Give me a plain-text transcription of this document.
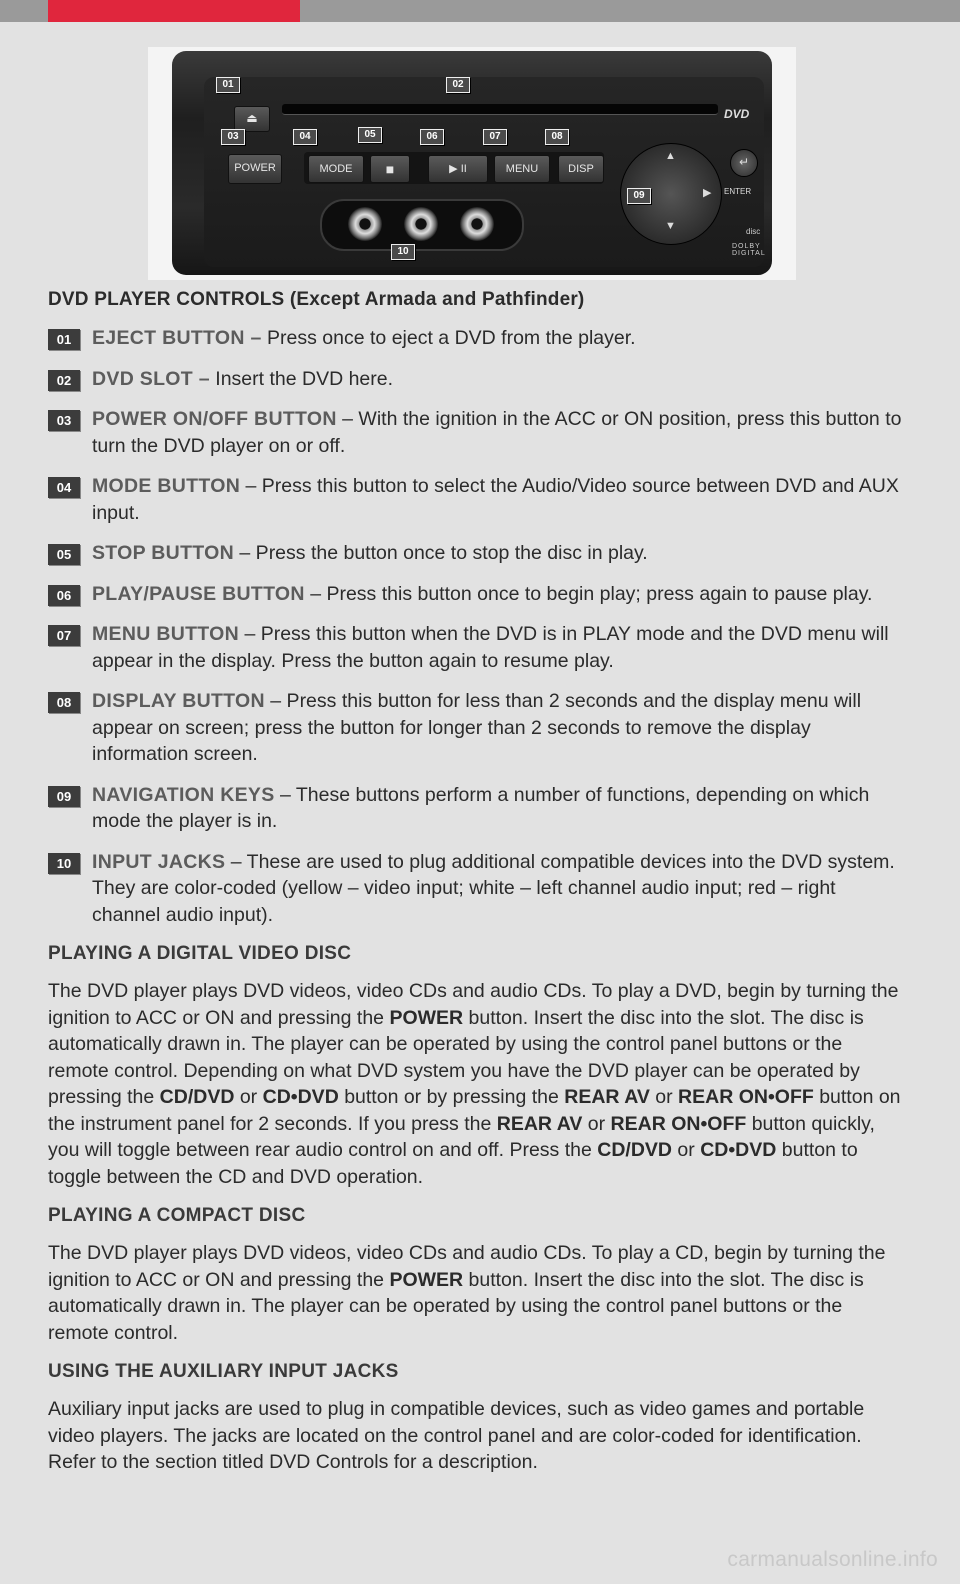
⏏
POWER	MODE	■	▶ II	MENU	DISP
DVD
▲
▼
▶
↵
ENTER
disc
DOLBY DIGITAL
01	02
03	04	05	06	07	08
09
10
DVD PLAYER CONTROLS (Except Armada and Pathfinder)
01	EJECT BUTTON – Press once to eject a DVD from the player.
02	DVD SLOT – Insert the DVD here.
03	POWER ON/OFF BUTTON – With the ignition in the ACC or ON position, press this button to turn the DVD player on or off.
04	MODE BUTTON – Press this button to select the Audio/Video source between DVD and AUX input.
05	STOP BUTTON – Press the button once to stop the disc in play.
06	PLAY/PAUSE BUTTON – Press this button once to begin play; press again to pause play.
07	MENU BUTTON – Press this button when the DVD is in PLAY mode and the DVD menu will appear in the display. Press the button again to resume play.
08	DISPLAY BUTTON – Press this button for less than 2 seconds and the display menu will appear on screen; press the button for longer than 2 seconds to remove the display information screen.
09	NAVIGATION KEYS – These buttons perform a number of functions, depending on which mode the player is in.
10	INPUT JACKS – These are used to plug additional compatible devices into the DVD system. They are color-coded (yellow – video input; white – left channel audio input; red – right channel audio input).
PLAYING A DIGITAL VIDEO DISC

The DVD player plays DVD videos, video CDs and audio CDs. To play a DVD, begin by turning the ignition to ACC or ON and pressing the POWER button. Insert the disc into the slot. The disc is automatically drawn in. The player can be operated by using the control panel buttons or the remote control. Depending on what DVD system you have the DVD player can be operated by pressing the CD/DVD or CD•DVD button or by pressing the REAR AV or REAR ON•OFF button on the instrument panel for 2 seconds. If you press the REAR AV or REAR ON•OFF button quickly, you will toggle between rear audio control on and off. Press the CD/DVD or CD•DVD button to toggle between the CD and DVD operation.

PLAYING A COMPACT DISC

The DVD player plays DVD videos, video CDs and audio CDs. To play a CD, begin by turning the ignition to ACC or ON and pressing the POWER button. Insert the disc into the slot. The disc is automatically drawn in. The player can be operated by using the control panel buttons or the remote control.

USING THE AUXILIARY INPUT JACKS

Auxiliary input jacks are used to plug in compatible devices, such as video games and portable video players. The jacks are located on the control panel and are color-coded for identification. Refer to the section titled DVD Controls for a description.

carmanualsonline.info
